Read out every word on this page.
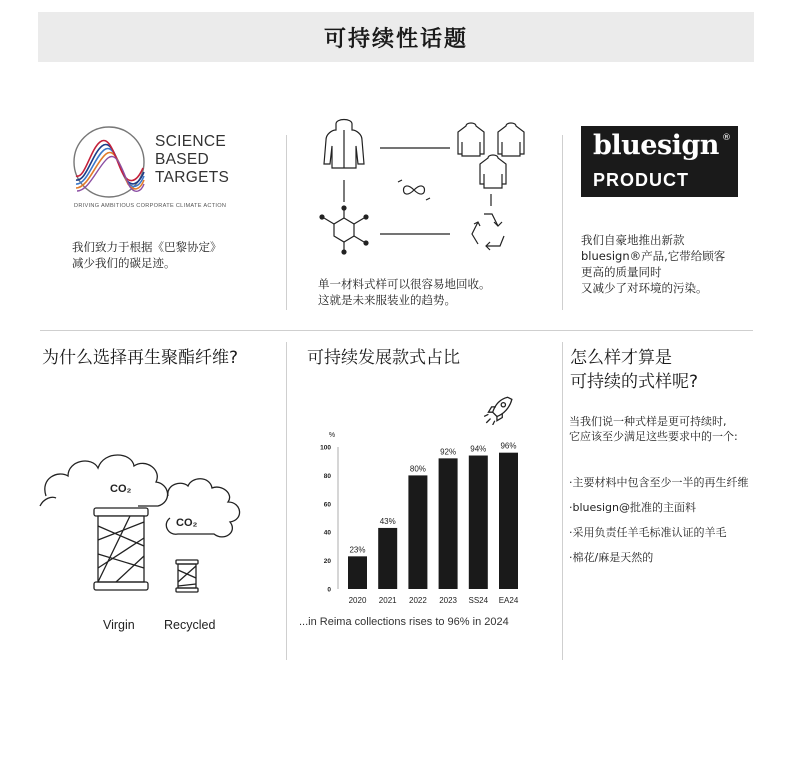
可持续性话题
SCIENCE
BASED
TARGETS
DRIVING AMBITIOUS CORPORATE CLIMATE ACTION
我们致力于根据《巴黎协定》
减少我们的碳足迹。
单一材料式样可以很容易地回收。
这就是未来服装业的趋势。
bluesign ®
PRODUCT
我们自豪地推出新款
bluesign®产品,它带给顾客
更高的质量同时
又减少了对环境的污染。
为什么选择再生聚酯纤维?
CO₂
CO₂
Virgin Recycled
可持续发展款式占比
%
0
20
40
60
80
100
23%
2020
43%
2021
80%
2022
92%
2023
94%
SS24
96%
EA24
...in Reima collections rises to 96% in 2024
怎么样才算是
可持续的式样呢?
当我们说一种式样是更可持续时,
它应该至少满足这些要求中的一个:
·主要材料中包含至少一半的再生纤维
·bluesign@批准的主面料
·采用负责任羊毛标准认证的羊毛
·棉花/麻是天然的
